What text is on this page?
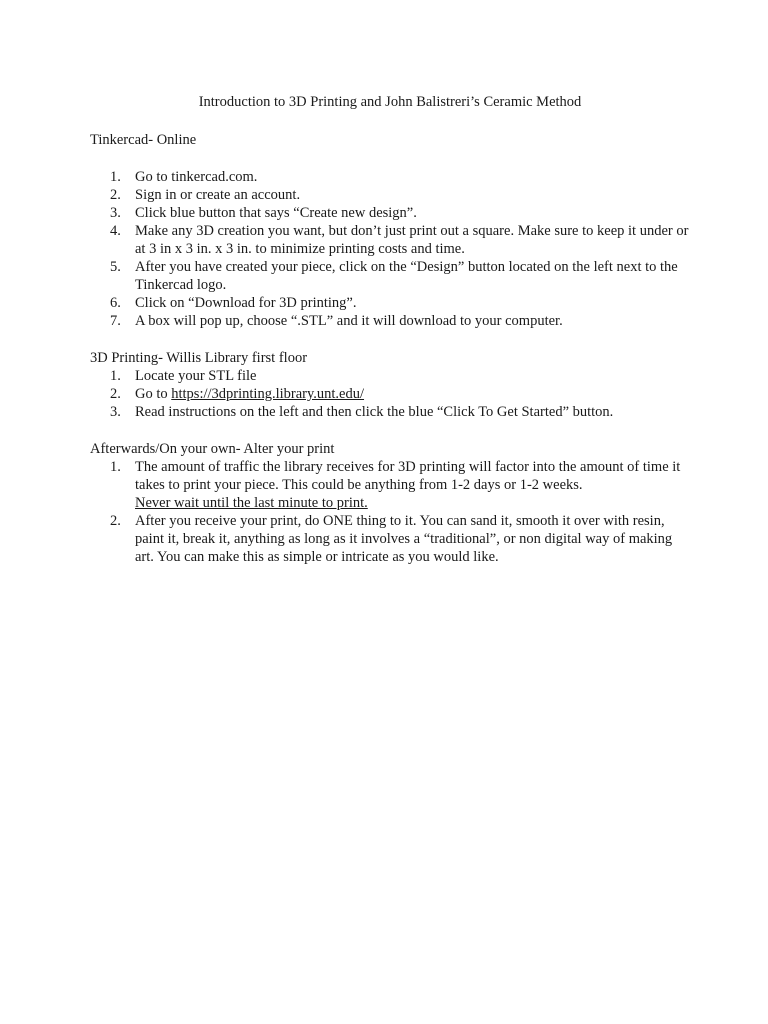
Introduction to 3D Printing and John Balistreri’s Ceramic Method
Tinkercad- Online
1. Go to tinkercad.com.
2. Sign in or create an account.
3. Click blue button that says “Create new design”.
4. Make any 3D creation you want, but don’t just print out a square. Make sure to keep it under or at 3 in x 3 in. x 3 in. to minimize printing costs and time.
5. After you have created your piece, click on the “Design” button located on the left next to the Tinkercad logo.
6. Click on “Download for 3D printing”.
7. A box will pop up, choose “.STL” and it will download to your computer.
3D Printing- Willis Library first floor
1. Locate your STL file
2. Go to https://3dprinting.library.unt.edu/
3. Read instructions on the left and then click the blue “Click To Get Started” button.
Afterwards/On your own- Alter your print
1. The amount of traffic the library receives for 3D printing will factor into the amount of time it takes to print your piece. This could be anything from 1-2 days or 1-2 weeks.
Never wait until the last minute to print.
2. After you receive your print, do ONE thing to it. You can sand it, smooth it over with resin, paint it, break it, anything as long as it involves a “traditional”, or non digital way of making art. You can make this as simple or intricate as you would like.
